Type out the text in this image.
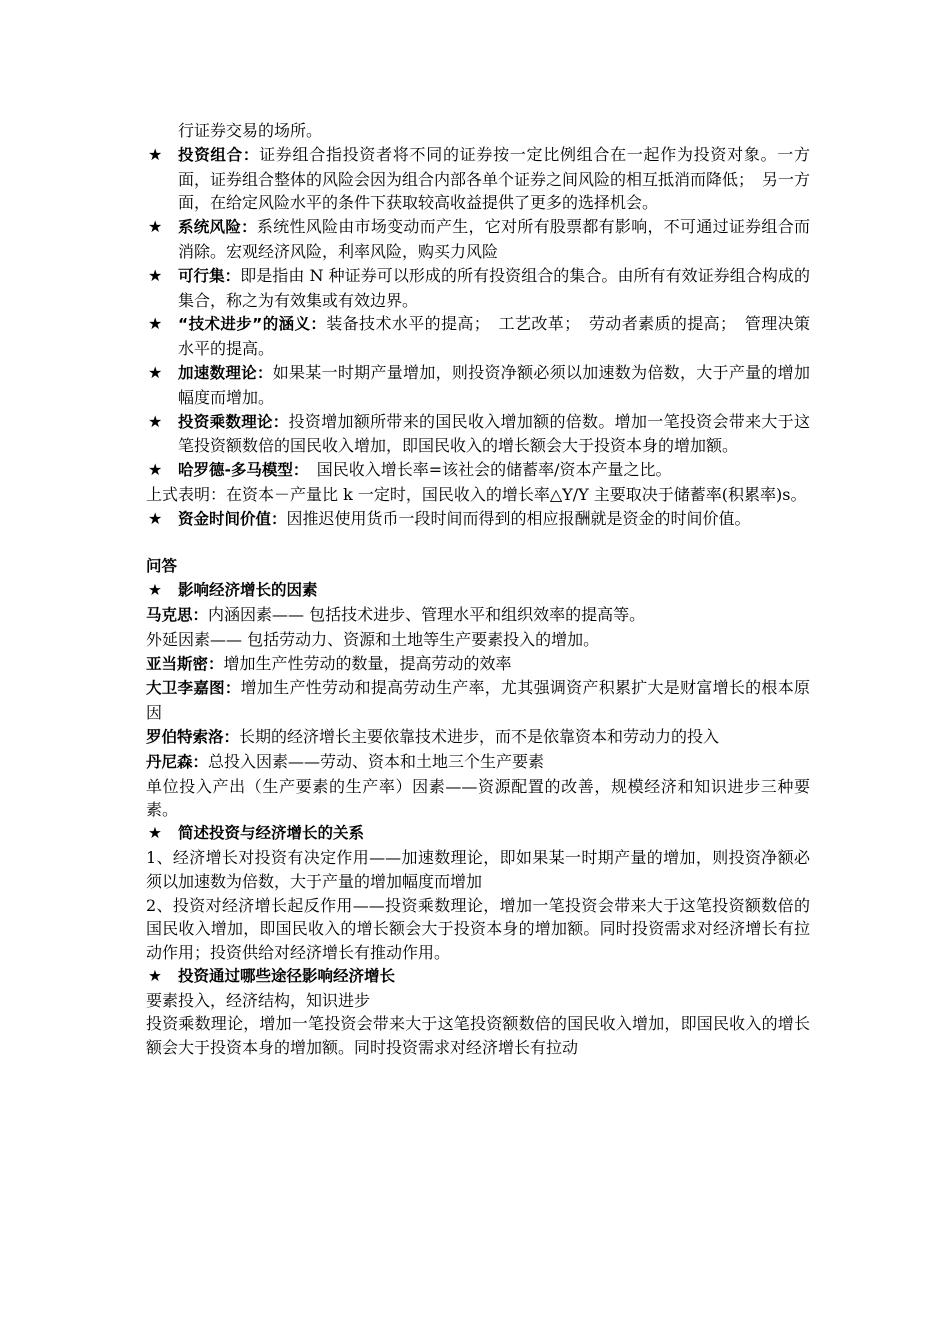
行证券交易的场所。

★	投资组合：证券组合指投资者将不同的证券按一定比例组合在一起作为投资对象。一方面，证券组合整体的风险会因为组合内部各单个证券之间风险的相互抵消而降低；　另一方面，在给定风险水平的条件下获取较高收益提供了更多的选择机会。
★	系统风险：系统性风险由市场变动而产生，它对所有股票都有影响，不可通过证券组合而消除。宏观经济风险，利率风险，购买力风险
★	可行集：即是指由 N 种证券可以形成的所有投资组合的集合。由所有有效证券组合构成的集合，称之为有效集或有效边界。
★	“技术进步”的涵义：装备技术水平的提高；　工艺改革；　劳动者素质的提高；　管理决策水平的提高。
★	加速数理论：如果某一时期产量增加，则投资净额必须以加速数为倍数，大于产量的增加幅度而增加。
★	投资乘数理论：投资增加额所带来的国民收入增加额的倍数。增加一笔投资会带来大于这笔投资额数倍的国民收入增加，即国民收入的增长额会大于投资本身的增加额。
★	哈罗德-多马模型：　国民收入增长率=该社会的储蓄率/资本产量之比。

上式表明：在资本－产量比 k 一定时，国民收入的增长率△Y/Y 主要取决于储蓄率(积累率)s。

★	资金时间价值：因推迟使用货币一段时间而得到的相应报酬就是资金的时间价值。

问答

★	影响经济增长的因素

马克思：内涵因素—— 包括技术进步、管理水平和组织效率的提高等。

外延因素—— 包括劳动力、资源和土地等生产要素投入的增加。

亚当斯密：增加生产性劳动的数量，提高劳动的效率

大卫李嘉图：增加生产性劳动和提高劳动生产率，尤其强调资产积累扩大是财富增长的根本原因

罗伯特索洛：长期的经济增长主要依靠技术进步，而不是依靠资本和劳动力的投入

丹尼森：总投入因素——劳动、资本和土地三个生产要素

单位投入产出（生产要素的生产率）因素——资源配置的改善，规模经济和知识进步三种要素。

★	简述投资与经济增长的关系

1、经济增长对投资有决定作用——加速数理论，即如果某一时期产量的增加，则投资净额必须以加速数为倍数，大于产量的增加幅度而增加

2、投资对经济增长起反作用——投资乘数理论，增加一笔投资会带来大于这笔投资额数倍的国民收入增加，即国民收入的增长额会大于投资本身的增加额。同时投资需求对经济增长有拉动作用；投资供给对经济增长有推动作用。

★	投资通过哪些途径影响经济增长

要素投入，经济结构，知识进步

投资乘数理论，增加一笔投资会带来大于这笔投资额数倍的国民收入增加，即国民收入的增长额会大于投资本身的增加额。同时投资需求对经济增长有拉动
